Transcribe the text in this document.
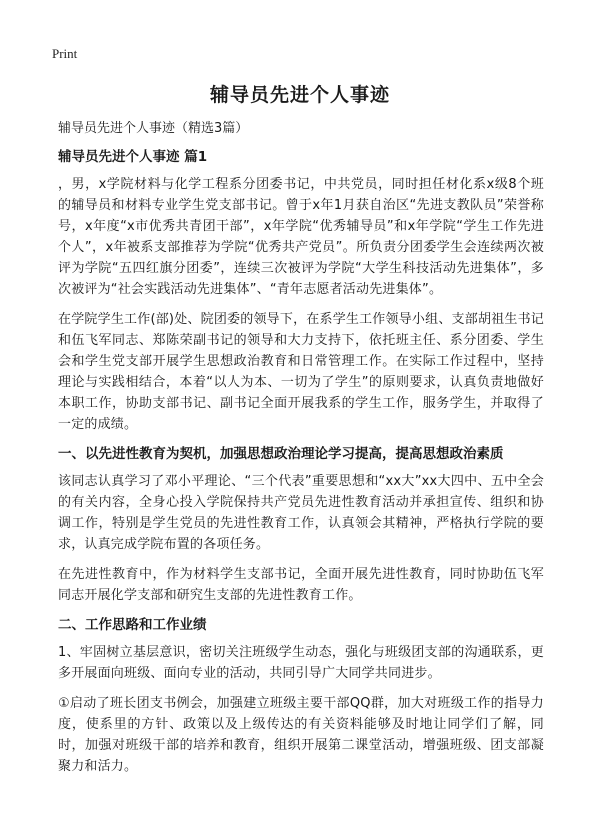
Print
辅导员先进个人事迹

辅导员先进个人事迹（精选3篇）

辅导员先进个人事迹 篇1

，男，x学院材料与化学工程系分团委书记，中共党员，同时担任材化系x级8个班的辅导员和材料专业学生党支部书记。曾于x年1月获自治区“先进支教队员”荣誉称号，x年度“x市优秀共青团干部”，x年学院“优秀辅导员”和x年学院“学生工作先进个人”，x年被系支部推荐为学院“优秀共产党员”。所负责分团委学生会连续两次被评为学院“五四红旗分团委”，连续三次被评为学院“大学生科技活动先进集体”，多次被评为“社会实践活动先进集体”、“青年志愿者活动先进集体”。

在学院学生工作(部)处、院团委的领导下，在系学生工作领导小组、支部胡祖生书记和伍飞军同志、郑陈荣副书记的领导和大力支持下，依托班主任、系分团委、学生会和学生党支部开展学生思想政治教育和日常管理工作。在实际工作过程中，坚持理论与实践相结合，本着“以人为本、一切为了学生”的原则要求，认真负责地做好本职工作，协助支部书记、副书记全面开展我系的学生工作，服务学生，并取得了一定的成绩。

一、以先进性教育为契机，加强思想政治理论学习提高，提高思想政治素质

该同志认真学习了邓小平理论、“三个代表”重要思想和“xx大”xx大四中、五中全会的有关内容，全身心投入学院保持共产党员先进性教育活动并承担宣传、组织和协调工作，特别是学生党员的先进性教育工作，认真领会其精神，严格执行学院的要求，认真完成学院布置的各项任务。

在先进性教育中，作为材料学生支部书记，全面开展先进性教育，同时协助伍飞军同志开展化学支部和研究生支部的先进性教育工作。

二、工作思路和工作业绩

1、牢固树立基层意识，密切关注班级学生动态，强化与班级团支部的沟通联系，更多开展面向班级、面向专业的活动，共同引导广大同学共同进步。

①启动了班长团支书例会，加强建立班级主要干部QQ群，加大对班级工作的指导力度，使系里的方针、政策以及上级传达的有关资料能够及时地让同学们了解，同时，加强对班级干部的培养和教育，组织开展第二课堂活动，增强班级、团支部凝聚力和活力。
